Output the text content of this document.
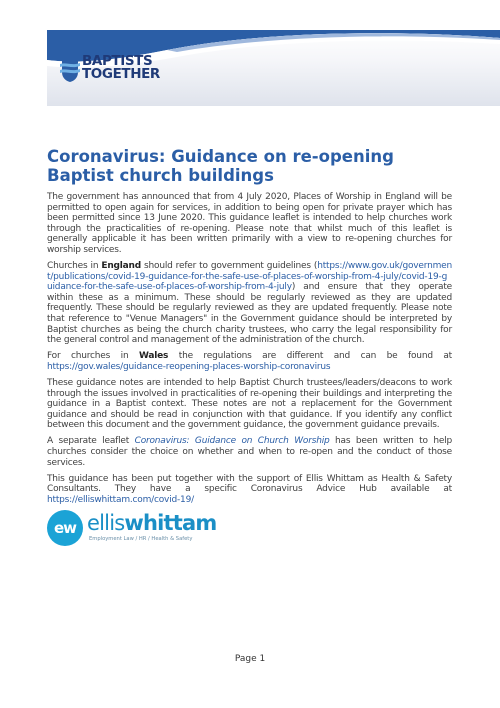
BAPTISTS
TOGETHER
Coronavirus: Guidance on re-opening Baptist church buildings

The government has announced that from 4 July 2020, Places of Worship in England will be permitted to open again for services, in addition to being open for private prayer which has been permitted since 13 June 2020. This guidance leaflet is intended to help churches work through the practicalities of re-opening. Please note that whilst much of this leaflet is generally applicable it has been written primarily with a view to re-opening churches for worship services.

Churches in England should refer to government guidelines (https://www.gov.uk/government/publications/covid-19-guidance-for-the-safe-use-of-places-of-worship-from-4-july/covid-19-guidance-for-the-safe-use-of-places-of-worship-from-4-july) and ensure that they operate within these as a minimum. These should be regularly reviewed as they are updated frequently. These should be regularly reviewed as they are updated frequently. Please note that reference to "Venue Managers" in the Government guidance should be interpreted by Baptist churches as being the church charity trustees, who carry the legal responsibility for the general control and management of the administration of the church.

For churches in Wales the regulations are different and can be found at https://gov.wales/guidance-reopening-places-worship-coronavirus

These guidance notes are intended to help Baptist Church trustees/leaders/deacons to work through the issues involved in practicalities of re-opening their buildings and interpreting the guidance in a Baptist context. These notes are not a replacement for the Government guidance and should be read in conjunction with that guidance. If you identify any conflict between this document and the government guidance, the government guidance prevails.

A separate leaflet Coronavirus: Guidance on Church Worship has been written to help churches consider the choice on whether and when to re-open and the conduct of those services.

This guidance has been put together with the support of Ellis Whittam as Health & Safety Consultants. They have a specific Coronavirus Advice Hub available at https://elliswhittam.com/covid-19/

ew elliswhittam
Employment Law / HR / Health & Safety
Page 1
